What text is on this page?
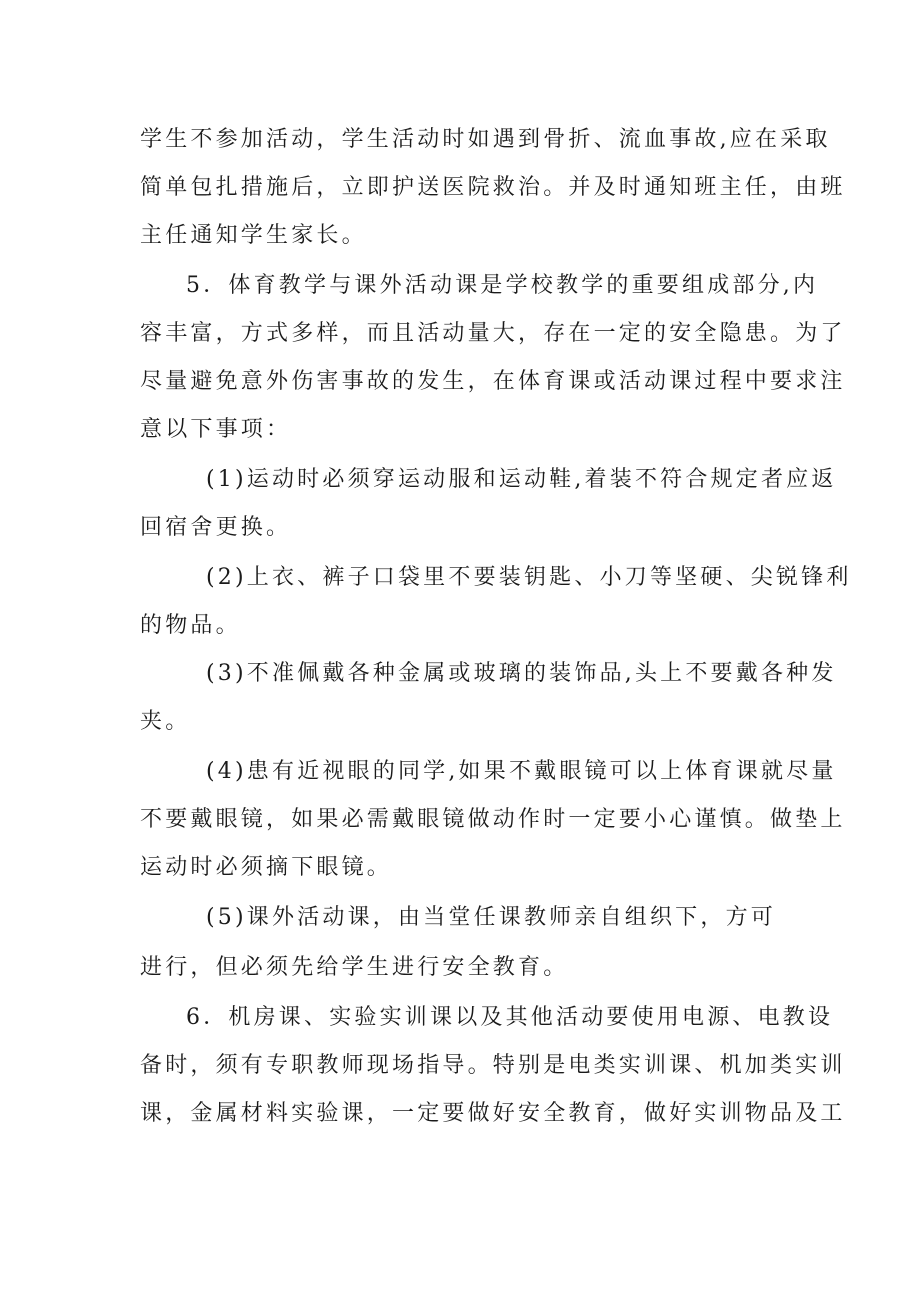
学生不参加活动，学生活动时如遇到骨折、流血事故,应在采取
简单包扎措施后，立即护送医院救治。并及时通知班主任，由班
主任通知学生家长。
5．体育教学与课外活动课是学校教学的重要组成部分,内
容丰富，方式多样，而且活动量大，存在一定的安全隐患。为了
尽量避免意外伤害事故的发生，在体育课或活动课过程中要求注
意以下事项：
(1)运动时必须穿运动服和运动鞋,着装不符合规定者应返
回宿舍更换。
(2)上衣、裤子口袋里不要装钥匙、小刀等坚硬、尖锐锋利
的物品。
(3)不准佩戴各种金属或玻璃的装饰品,头上不要戴各种发
夹。
(4)患有近视眼的同学,如果不戴眼镜可以上体育课就尽量
不要戴眼镜，如果必需戴眼镜做动作时一定要小心谨慎。做垫上
运动时必须摘下眼镜。
(5)课外活动课，由当堂任课教师亲自组织下，方可
进行，但必须先给学生进行安全教育。
6．机房课、实验实训课以及其他活动要使用电源、电教设
备时，须有专职教师现场指导。特别是电类实训课、机加类实训
课，金属材料实验课，一定要做好安全教育，做好实训物品及工
